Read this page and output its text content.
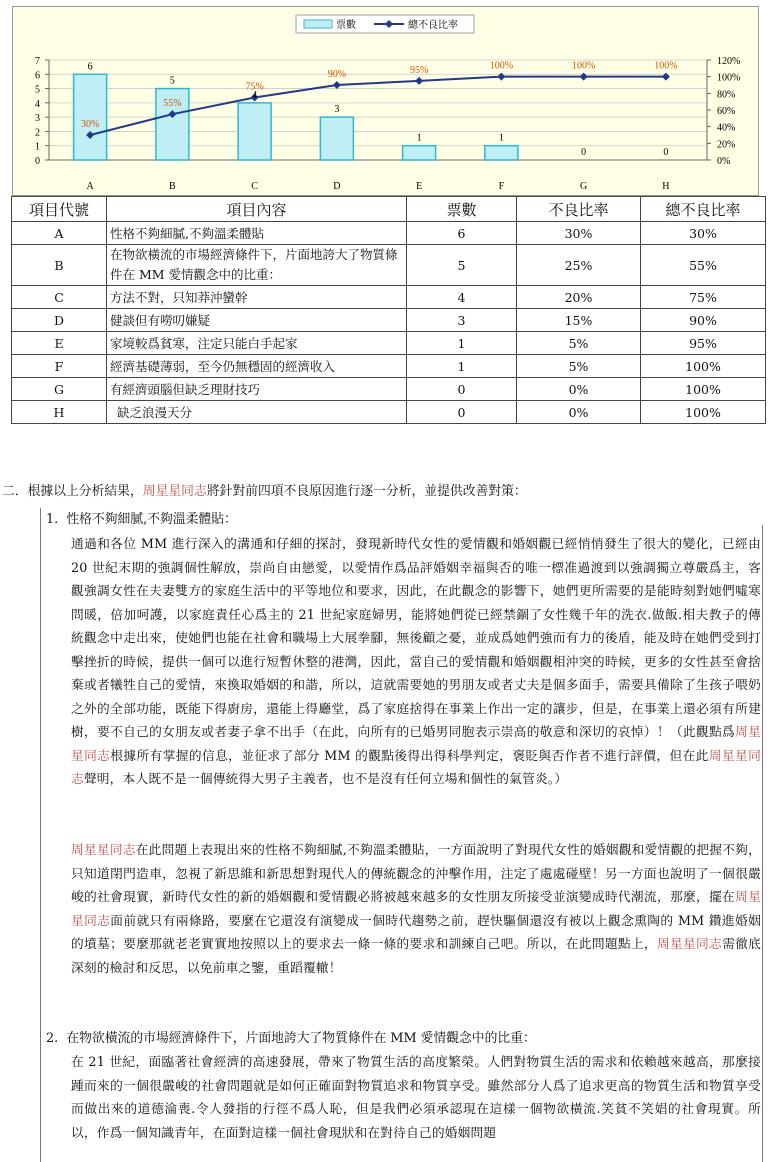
0
1
2
3
4
5
6
7
0%
20%
40%
60%
80%
100%
120%
6
A
5
B
4
C
3
D
1
E
1
F
0
G
0
H
30%
55%
75%
90%	95%	100%	100%	100%
票數	總不良比率
項目代號	項目內容	票數	不良比率	總不良比率
A	性格不夠細膩,不夠溫柔體貼	6	30%	30%
B	在物欲橫流的市場經濟條件下，片面地誇大了物質條件在 MM 愛情觀念中的比重：	5	25%	55%
C	方法不對，只知莽沖蠻幹	4	20%	75%
D	健談但有嘮叨嫌疑	3	15%	90%
E	家境較爲貧寒，注定只能白手起家	1	5%	95%
F	經濟基礎薄弱，至今仍無穩固的經濟收入	1	5%	100%
G	有經濟頭腦但缺乏理財技巧	0	0%	100%
H	缺乏浪漫天分	0	0%	100%
二．根據以上分析結果，周星星同志將針對前四項不良原因進行逐一分析，並提供改善對策：
1. 性格不夠細膩,不夠溫柔體貼：
通過和各位 MM 進行深入的溝通和仔細的探討，發現新時代女性的愛情觀和婚姻觀已經悄悄發生了很大的變化，已經由 20 世紀末期的強調個性解放，崇尚自由戀愛，以愛情作爲品評婚姻幸福與否的唯一標准過渡到以強調獨立尊嚴爲主，客觀強調女性在夫妻雙方的家庭生活中的平等地位和要求，因此，在此觀念的影響下，她們更所需要的是能時刻對她們噓寒問暖，倍加呵護，以家庭責任心爲主的 21 世紀家庭婦男，能將她們從已經禁錮了女性幾千年的洗衣.做飯.相夫教子的傳統觀念中走出來，使她們也能在社會和職場上大展拳腳，無後顧之憂，並成爲她們強而有力的後盾，能及時在她們受到打擊挫折的時候，提供一個可以進行短暫休整的港灣，因此，當自己的愛情觀和婚姻觀相沖突的時候，更多的女性甚至會捨棄或者犧牲自己的愛情，來換取婚姻的和諧，所以，這就需要她的男朋友或者丈夫是個多面手，需要具備除了生孩子喂奶之外的全部功能，既能下得廚房，還能上得廳堂，爲了家庭捨得在事業上作出一定的讓步，但是，在事業上還必須有所建樹，要不自己的女朋友或者妻子拿不出手（在此，向所有的已婚男同胞表示崇高的敬意和深切的哀悼）！（此觀點爲周星星同志根據所有掌握的信息，並征求了部分 MM 的觀點後得出得科學判定，褒貶與否作者不進行評價，但在此周星星同志聲明，本人既不是一個傳統得大男子主義者，也不是沒有任何立場和個性的氣管炎。）
周星星同志在此問題上表現出來的性格不夠細膩,不夠溫柔體貼，一方面說明了對現代女性的婚姻觀和愛情觀的把握不夠，只知道閉門造車，忽視了新思維和新思想對現代人的傳統觀念的沖擊作用，注定了處處碰壁！另一方面也說明了一個很嚴峻的社會現實，新時代女性的新的婚姻觀和愛情觀必將被越來越多的女性朋友所接受並演變成時代潮流，那麼，擺在周星星同志面前就只有兩條路，要麼在它還沒有演變成一個時代趨勢之前，趕快驅個還沒有被以上觀念熏陶的 MM 鑽進婚姻的墳墓；要麼那就老老實實地按照以上的要求去一條一條的要求和訓練自己吧。所以，在此問題點上，周星星同志需徹底深刻的檢討和反思，以免前車之鑒，重蹈覆轍！
2. 在物欲橫流的市場經濟條件下，片面地誇大了物質條件在 MM 愛情觀念中的比重：
在 21 世紀，面臨著社會經濟的高速發展，帶來了物質生活的高度繁榮。人們對物質生活的需求和依賴越來越高，那麼接踵而來的一個很嚴峻的社會問題就是如何正確面對物質追求和物質享受。雖然部分人爲了追求更高的物質生活和物質享受而做出來的道德淪喪.令人發指的行徑不爲人恥，但是我們必須承認現在這樣一個物欲橫流.笑貧不笑娼的社會現實。所以，作爲一個知識青年，在面對這樣一個社會現狀和在對待自己的婚姻問題
